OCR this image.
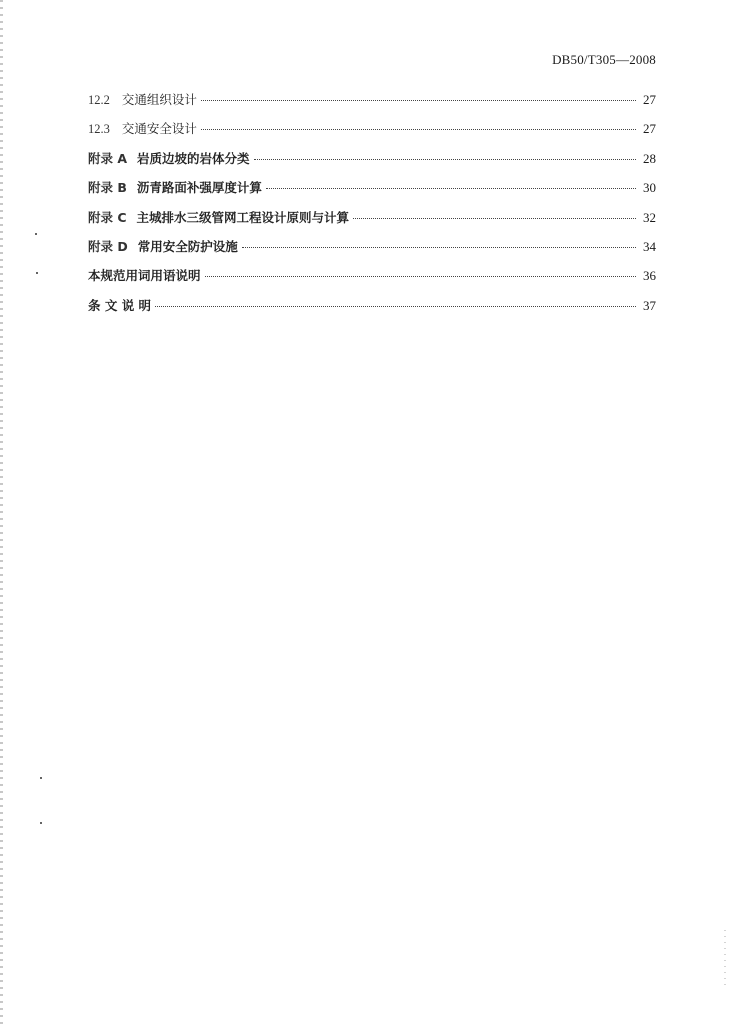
DB50/T305—2008
12.2 交通组织设计	27
12.3 交通安全设计	27
附录 A 岩质边坡的岩体分类	28
附录 B 沥青路面补强厚度计算	30
附录 C 主城排水三级管网工程设计原则与计算	32
附录 D 常用安全防护设施	34
本规范用词用语说明	36
条 文 说 明	37
